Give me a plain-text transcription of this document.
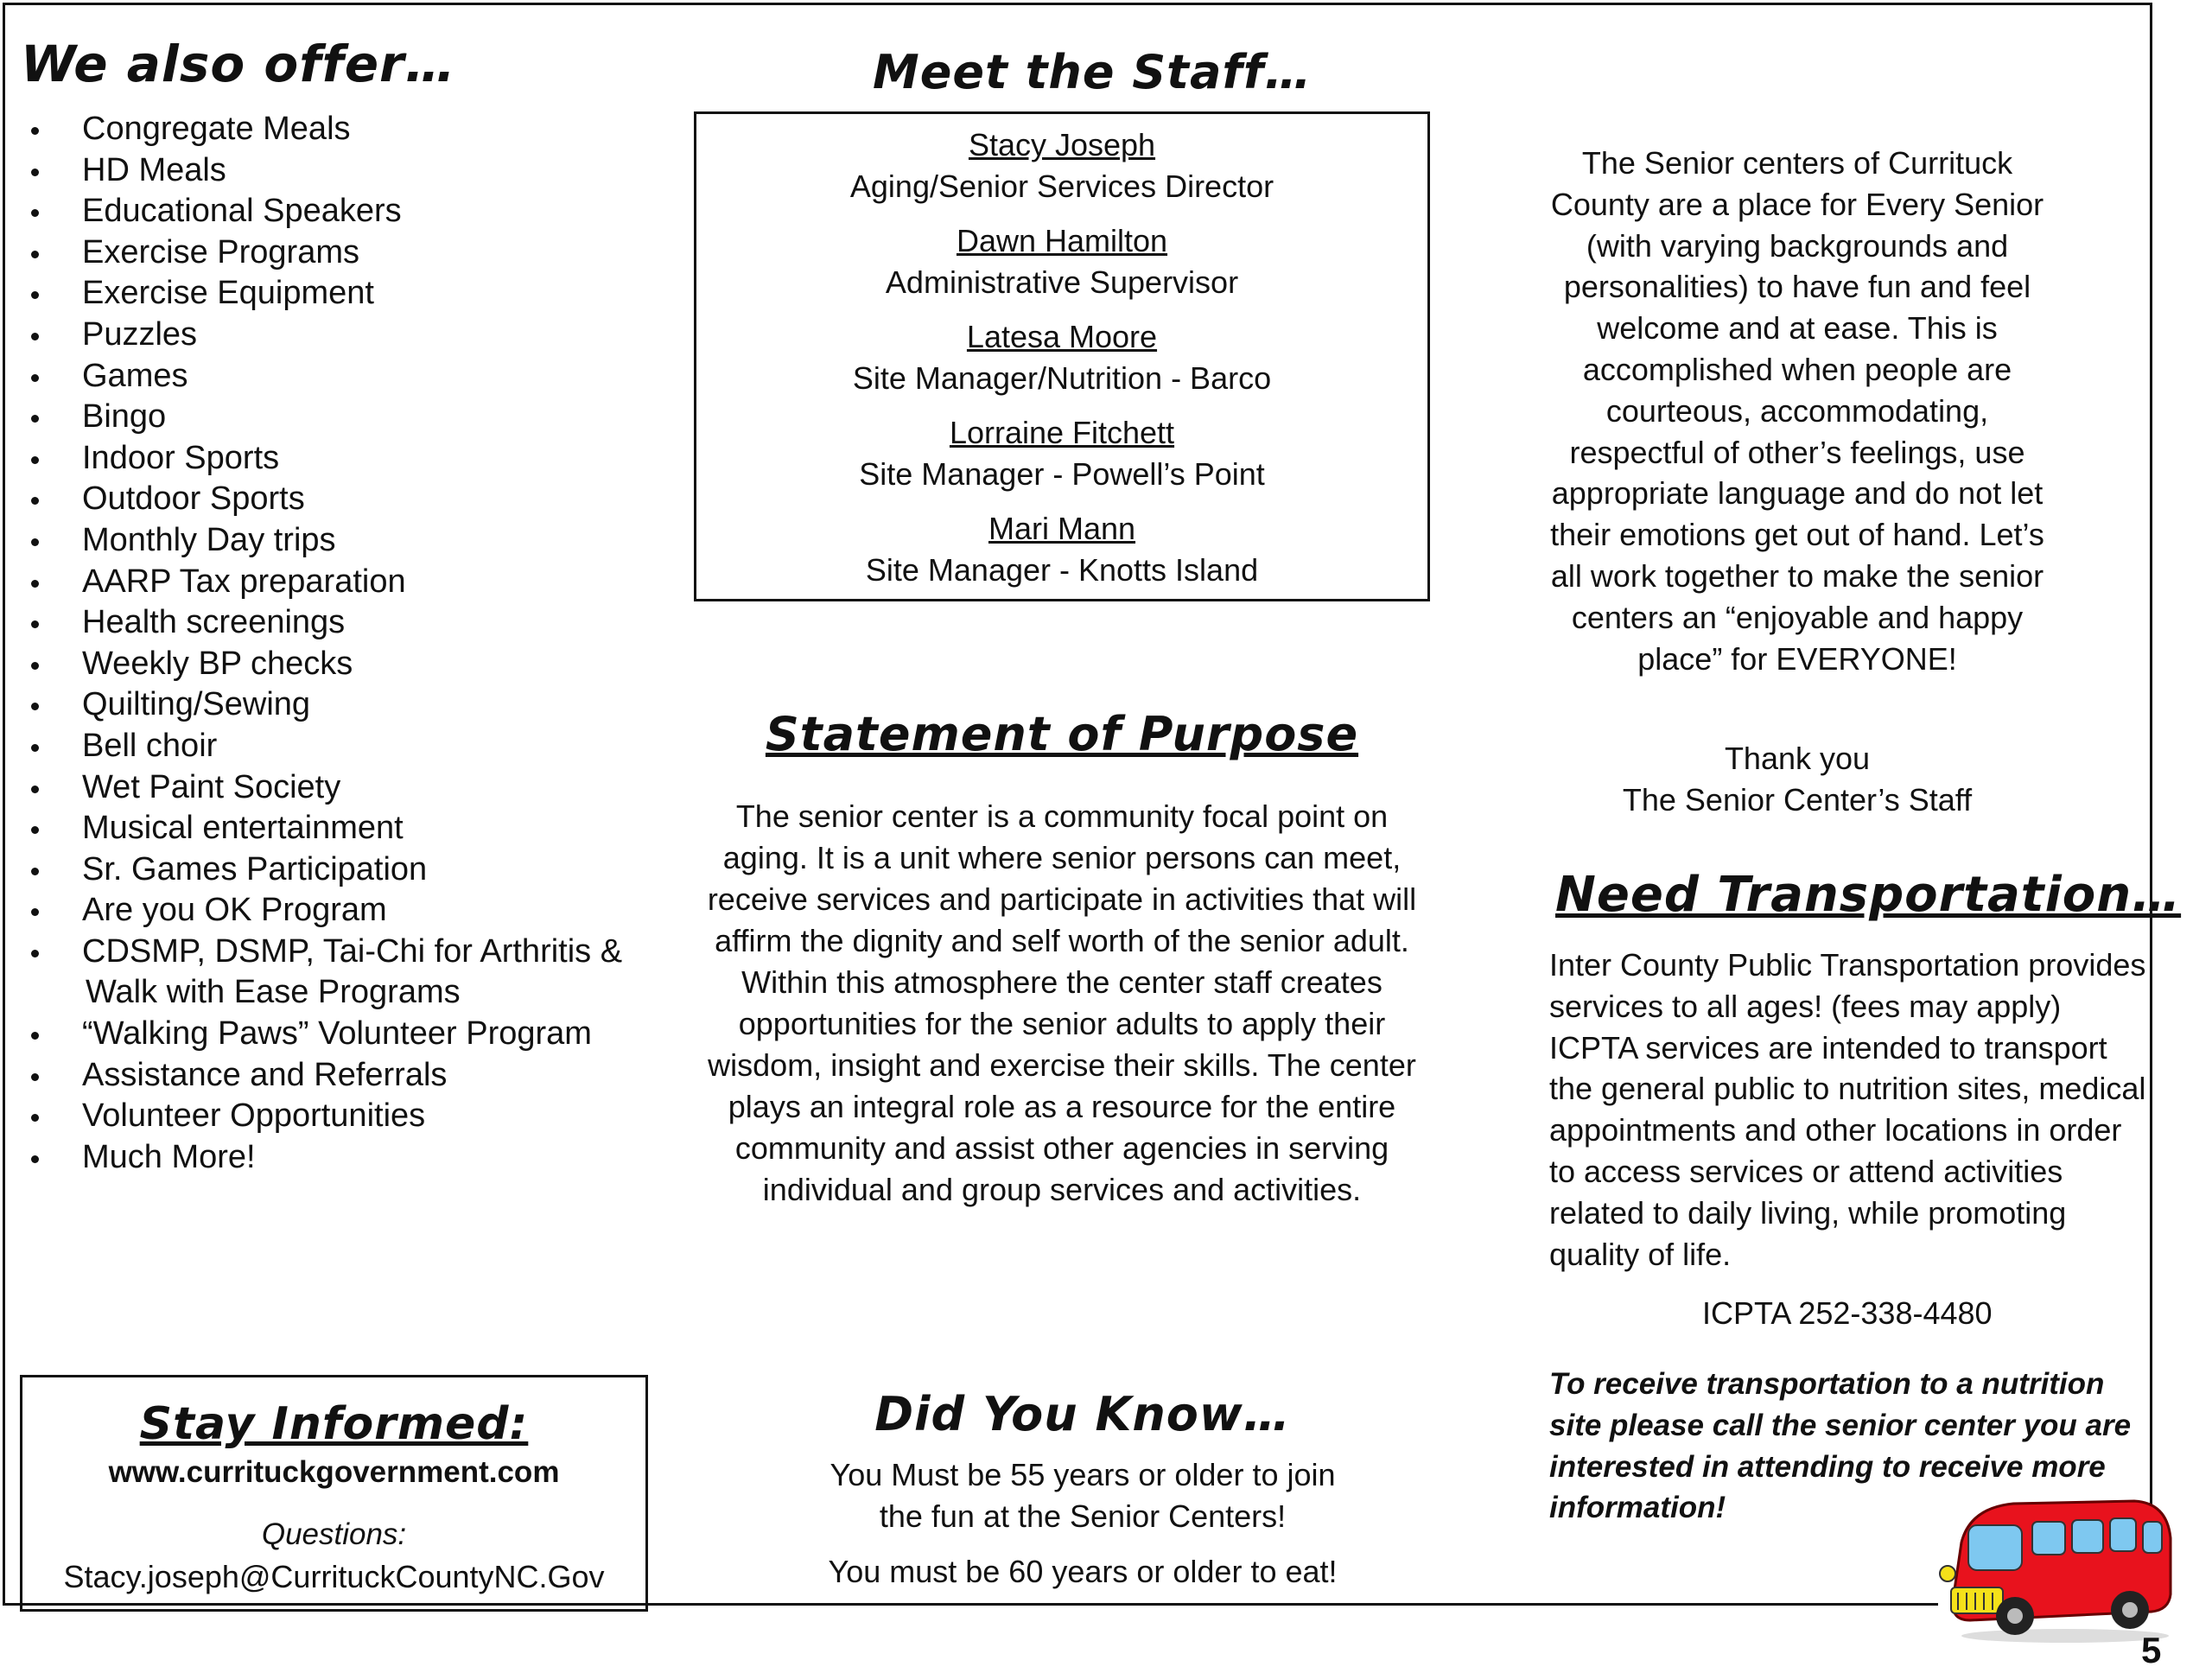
We also offer…
Congregate Meals
HD Meals
Educational Speakers
Exercise Programs
Exercise Equipment
Puzzles
Games
Bingo
Indoor Sports
Outdoor Sports
Monthly Day trips
AARP Tax preparation
Health screenings
Weekly BP checks
Quilting/Sewing
Bell choir
Wet Paint Society
Musical entertainment
Sr. Games Participation
Are you OK Program
CDSMP, DSMP, Tai-Chi for Arthritis &
Walk with Ease Programs
“Walking Paws” Volunteer Program
Assistance and Referrals
Volunteer Opportunities
Much More!
Meet the Staff…
Stacy Joseph
Aging/Senior Services Director
Dawn Hamilton
Administrative Supervisor
Latesa Moore
Site Manager/Nutrition - Barco
Lorraine Fitchett
Site Manager - Powell’s Point
Mari Mann
Site Manager - Knotts Island
Statement of Purpose

The senior center is a community focal point on aging. It is a unit where senior persons can meet, receive services and participate in activities that will affirm the dignity and self worth of the senior adult. Within this atmosphere the center staff creates opportunities for the senior adults to apply their wisdom, insight and exercise their skills. The center plays an integral role as a resource for the entire community and assist other agencies in serving individual and group services and activities.

Did You Know…

You Must be 55 years or older to join

the fun at the Senior Centers!

You must be 60 years or older to eat!

Stay Informed:
www.currituckgovernment.com
Questions:
Stacy.joseph@CurrituckCountyNC.Gov

The Senior centers of Currituck County are a place for Every Senior (with varying backgrounds and personalities) to have fun and feel welcome and at ease. This is accomplished when people are courteous, accommodating, respectful of other’s feelings, use appropriate language and do not let their emotions get out of hand. Let’s all work together to make the senior centers an “enjoyable and happy place” for EVERYONE!

Thank you
The Senior Center’s Staff
Need Transportation…

Inter County Public Transportation provides services to all ages! (fees may apply) ICPTA services are intended to transport the general public to nutrition sites, medical appointments and other locations in order to access services or attend activities related to daily living, while promoting quality of life.

ICPTA 252-338-4480

To receive transportation to a nutrition site please call the senior center you are interested in attending to receive more information!

5
